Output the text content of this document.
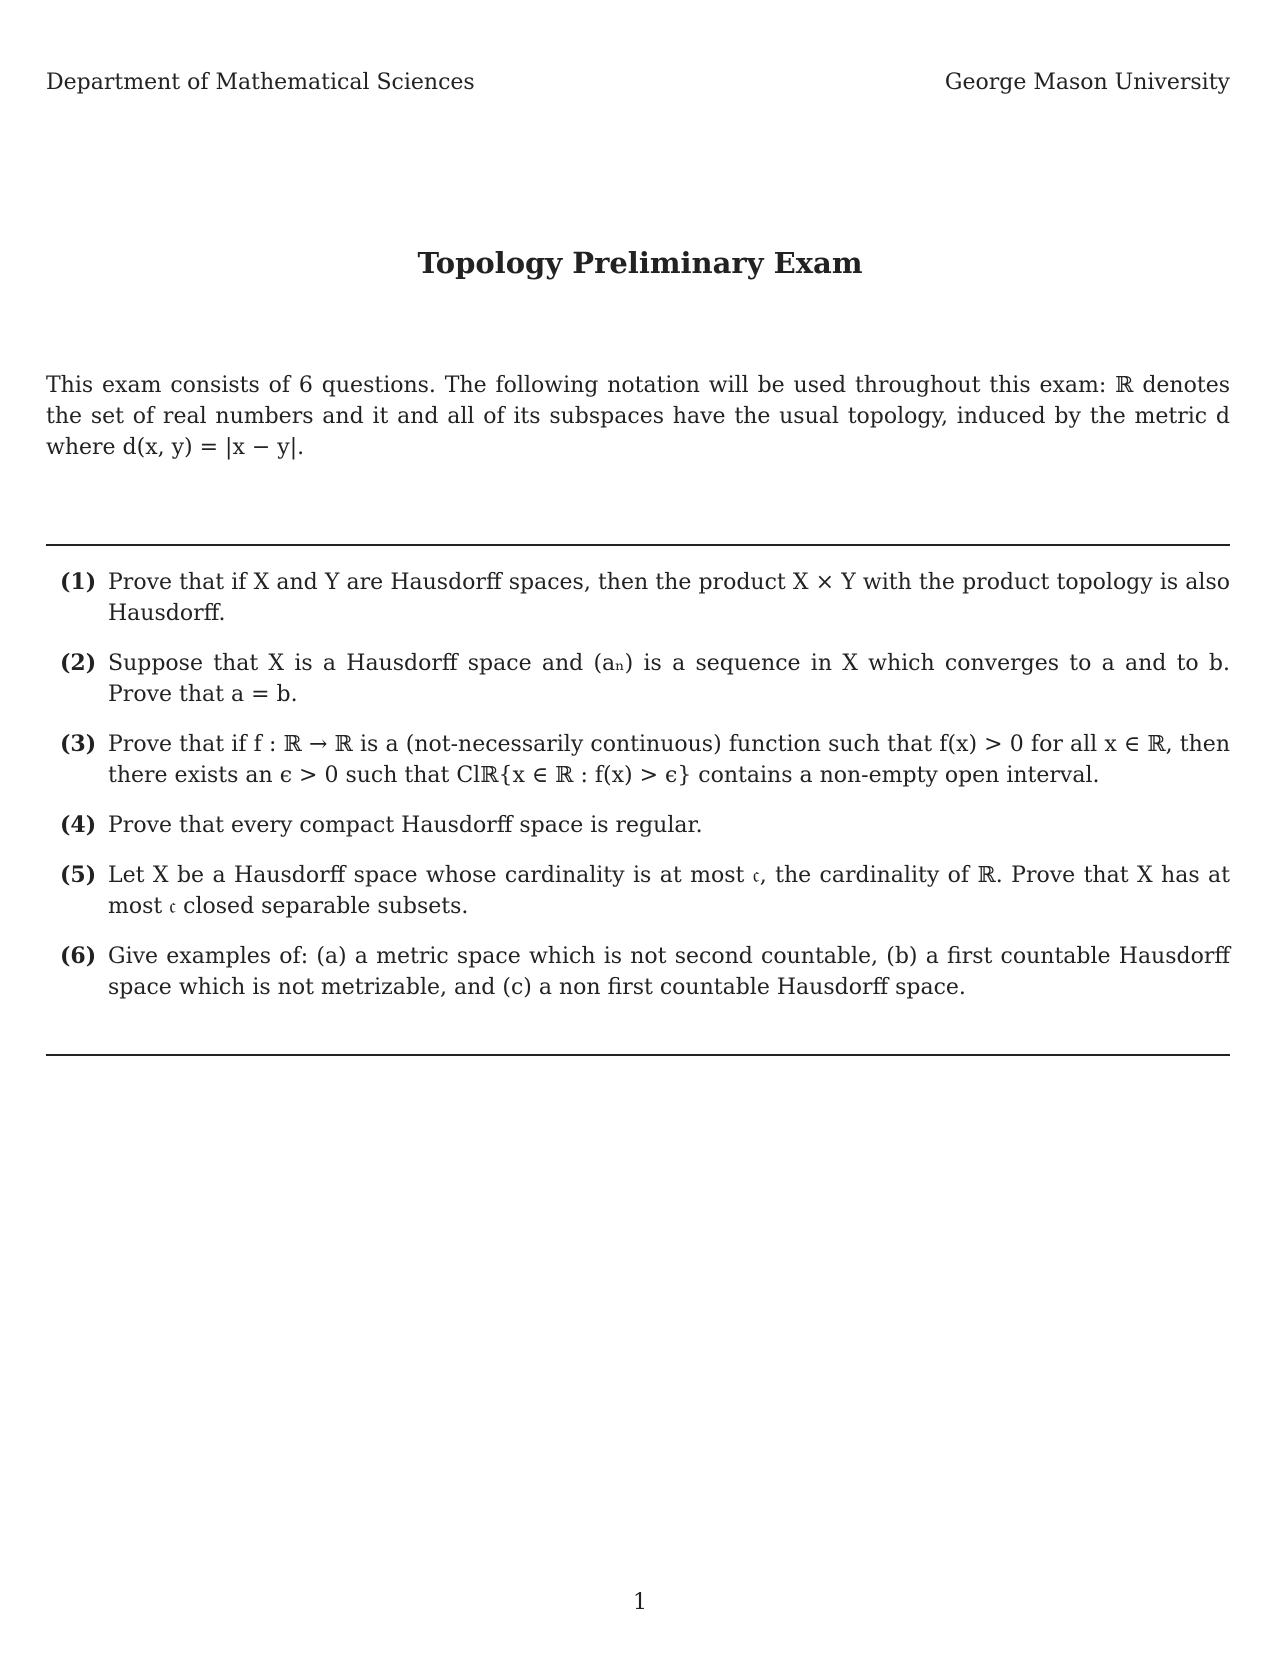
Department of Mathematical Sciences	George Mason University
Topology Preliminary Exam

This exam consists of 6 questions. The following notation will be used throughout this exam: ℝ denotes the set of real numbers and it and all of its subspaces have the usual topology, induced by the metric d where d(x, y) = |x − y|.

(1) Prove that if X and Y are Hausdorff spaces, then the product X × Y with the product topology is also Hausdorff.
(2) Suppose that X is a Hausdorff space and (aₙ) is a sequence in X which converges to a and to b. Prove that a = b.
(3) Prove that if f : ℝ → ℝ is a (not-necessarily continuous) function such that f(x) > 0 for all x ∈ ℝ, then there exists an ϵ > 0 such that Clℝ{x ∈ ℝ : f(x) > ϵ} contains a non-empty open interval.
(4) Prove that every compact Hausdorff space is regular.
(5) Let X be a Hausdorff space whose cardinality is at most 𝔠, the cardinality of ℝ. Prove that X has at most 𝔠 closed separable subsets.
(6) Give examples of: (a) a metric space which is not second countable, (b) a first countable Hausdorff space which is not metrizable, and (c) a non first countable Hausdorff space.
1
